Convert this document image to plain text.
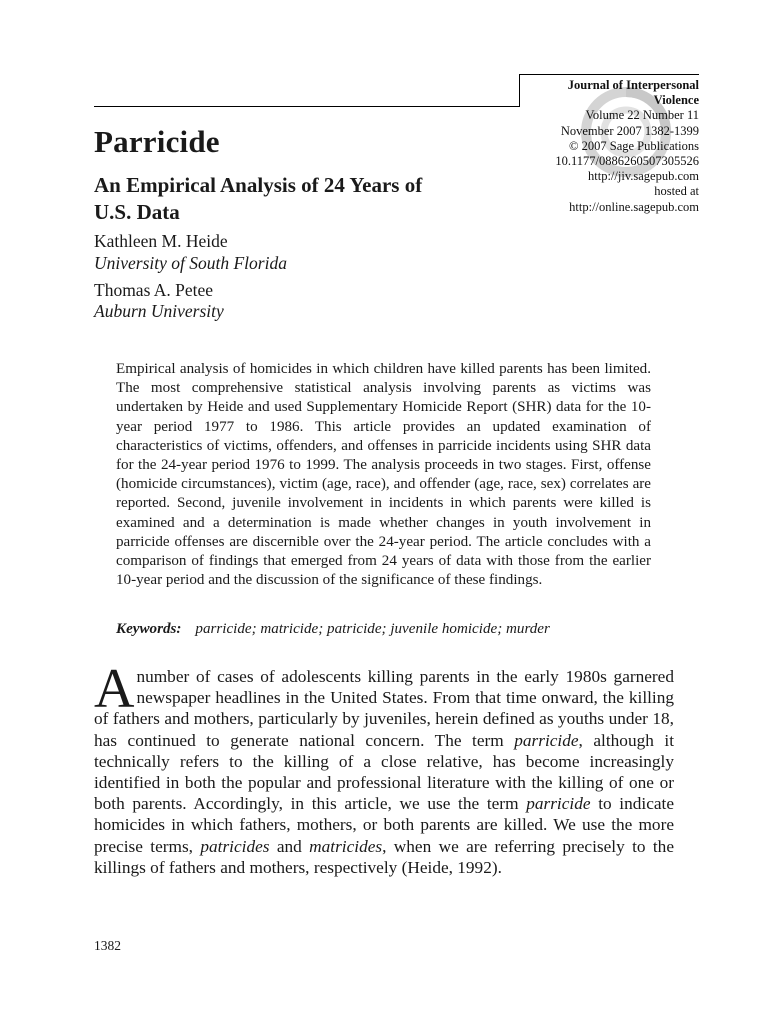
Journal of Interpersonal Violence
Volume 22 Number 11
November 2007 1382-1399
© 2007 Sage Publications
10.1177/0886260507305526
http://jiv.sagepub.com
hosted at
http://online.sagepub.com
Parricide
An Empirical Analysis of 24 Years of U.S. Data
Kathleen M. Heide
University of South Florida
Thomas A. Petee
Auburn University

Empirical analysis of homicides in which children have killed parents has been limited. The most comprehensive statistical analysis involving parents as victims was undertaken by Heide and used Supplementary Homicide Report (SHR) data for the 10-year period 1977 to 1986. This article provides an updated examination of characteristics of victims, offenders, and offenses in parricide incidents using SHR data for the 24-year period 1976 to 1999. The analysis proceeds in two stages. First, offense (homicide circumstances), victim (age, race), and offender (age, race, sex) correlates are reported. Second, juvenile involvement in incidents in which parents were killed is examined and a determination is made whether changes in youth involvement in parricide offenses are discernible over the 24-year period. The article concludes with a comparison of findings that emerged from 24 years of data with those from the earlier 10-year period and the discussion of the significance of these findings.

Keywords: parricide; matricide; patricide; juvenile homicide; murder

A number of cases of adolescents killing parents in the early 1980s garnered newspaper headlines in the United States. From that time onward, the killing of fathers and mothers, particularly by juveniles, herein defined as youths under 18, has continued to generate national concern. The term parricide, although it technically refers to the killing of a close relative, has become increasingly identified in both the popular and professional literature with the killing of one or both parents. Accordingly, in this article, we use the term parricide to indicate homicides in which fathers, mothers, or both parents are killed. We use the more precise terms, patricides and matricides, when we are referring precisely to the killings of fathers and mothers, respectively (Heide, 1992).

1382
